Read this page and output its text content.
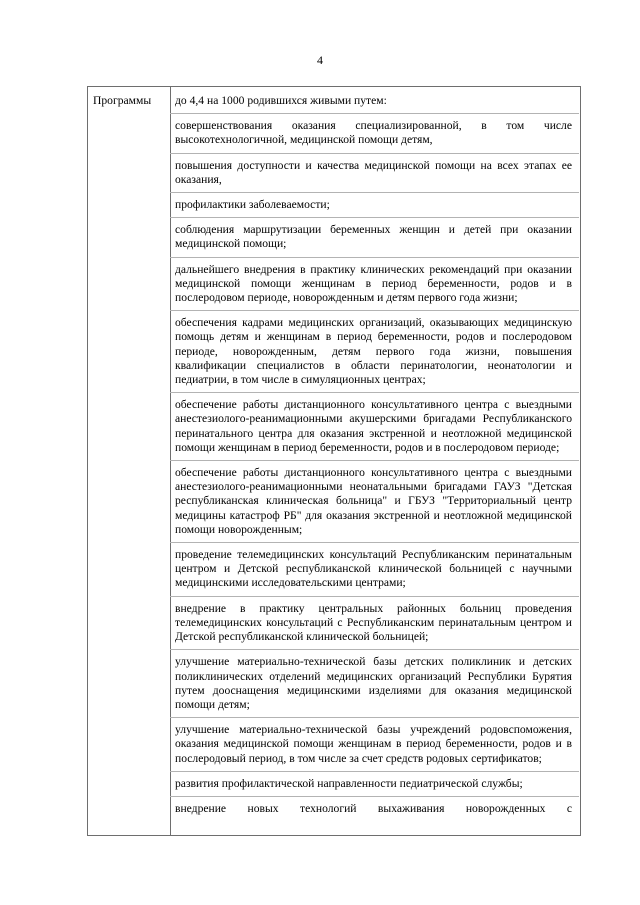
4
Программы до 4,4 на 1000 родившихся живыми путем:

совершенствования оказания специализированной, в том числе высокотехнологичной, медицинской помощи детям,

повышения доступности и качества медицинской помощи на всех этапах ее оказания,

профилактики заболеваемости;

соблюдения маршрутизации беременных женщин и детей при оказании медицинской помощи;

дальнейшего внедрения в практику клинических рекомендаций при оказании медицинской помощи женщинам в период беременности, родов и в послеродовом периоде, новорожденным и детям первого года жизни;

обеспечения кадрами медицинских организаций, оказывающих медицинскую помощь детям и женщинам в период беременности, родов и послеродовом периоде, новорожденным, детям первого года жизни, повышения квалификации специалистов в области перинатологии, неонатологии и педиатрии, в том числе в симуляционных центрах;

обеспечение работы дистанционного консультативного центра с выездными анестезиолого-реанимационными акушерскими бригадами Республиканского перинатального центра для оказания экстренной и неотложной медицинской помощи женщинам в период беременности, родов и в послеродовом периоде;

обеспечение работы дистанционного консультативного центра с выездными анестезиолого-реанимационными неонатальными бригадами ГАУЗ "Детская республиканская клиническая больница" и ГБУЗ "Территориальный центр медицины катастроф РБ" для оказания экстренной и неотложной медицинской помощи новорожденным;

проведение телемедицинских консультаций Республиканским перинатальным центром и Детской республиканской клинической больницей с научными медицинскими исследовательскими центрами;

внедрение в практику центральных районных больниц проведения телемедицинских консультаций с Республиканским перинатальным центром и Детской республиканской клинической больницей;

улучшение материально-технической базы детских поликлиник и детских поликлинических отделений медицинских организаций Республики Бурятия путем дооснащения медицинскими изделиями для оказания медицинской помощи детям;

улучшение материально-технической базы учреждений родовспоможения, оказания медицинской помощи женщинам в период беременности, родов и в послеродовый период, в том числе за счет средств родовых сертификатов;

развития профилактической направленности педиатрической службы;

внедрение новых технологий выхаживания новорожденных с
